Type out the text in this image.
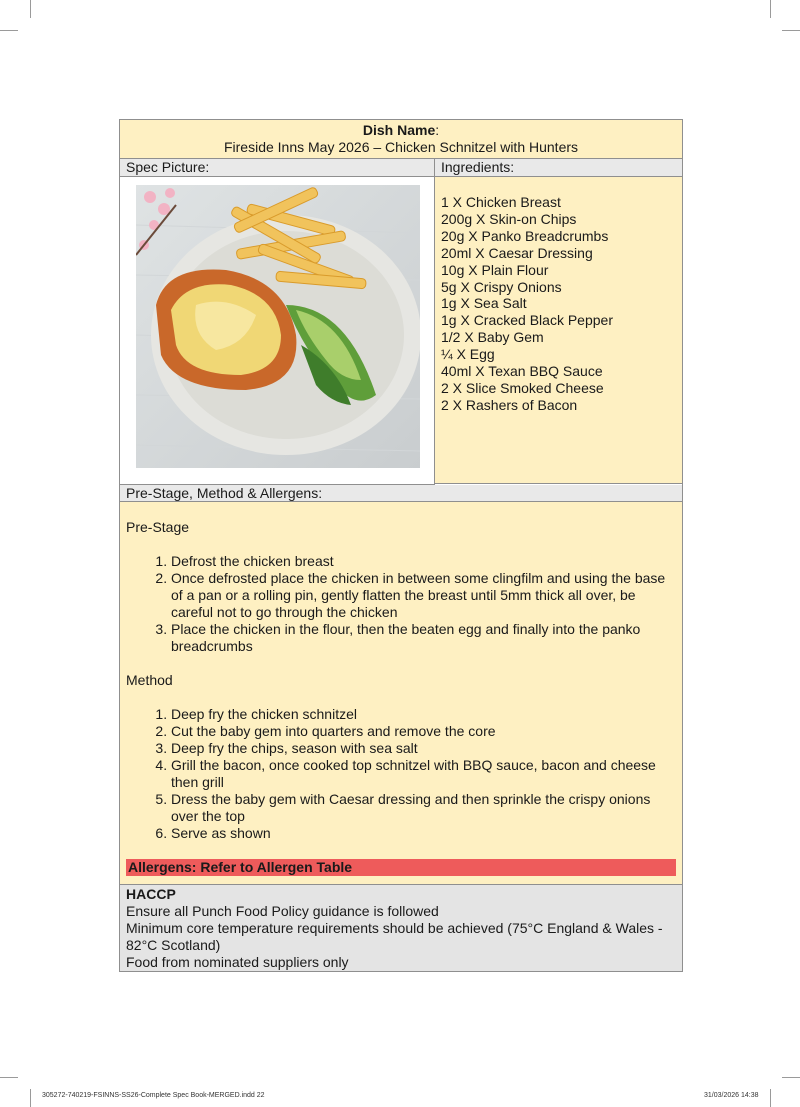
Dish Name:
Fireside Inns May 2026 – Chicken Schnitzel with Hunters
Spec Picture:	Ingredients:
1 X Chicken Breast
200g X Skin-on Chips
20g X Panko Breadcrumbs
20ml X Caesar Dressing
10g X Plain Flour
5g X Crispy Onions
1g X Sea Salt
1g X Cracked Black Pepper
1/2 X Baby Gem
¼ X Egg
40ml X Texan BBQ Sauce
2 X Slice Smoked Cheese
2 X Rashers of Bacon
Pre-Stage, Method & Allergens:
Pre-Stage
1. Defrost the chicken breast
2. Once defrosted place the chicken in between some clingfilm and using the base of a pan or a rolling pin, gently flatten the breast until 5mm thick all over, be careful not to go through the chicken
3. Place the chicken in the flour, then the beaten egg and finally into the panko breadcrumbs
Method
1. Deep fry the chicken schnitzel
2. Cut the baby gem into quarters and remove the core
3. Deep fry the chips, season with sea salt
4. Grill the bacon, once cooked top schnitzel with BBQ sauce, bacon and cheese then grill
5. Dress the baby gem with Caesar dressing and then sprinkle the crispy onions over the top
6. Serve as shown
Allergens: Refer to Allergen Table
HACCP
Ensure all Punch Food Policy guidance is followed
Minimum core temperature requirements should be achieved (75°C England & Wales - 82°C Scotland)
Food from nominated suppliers only
305272-740219-FSINNS-SS26-Complete Spec Book-MERGED.indd 22	31/03/2026 14:38
